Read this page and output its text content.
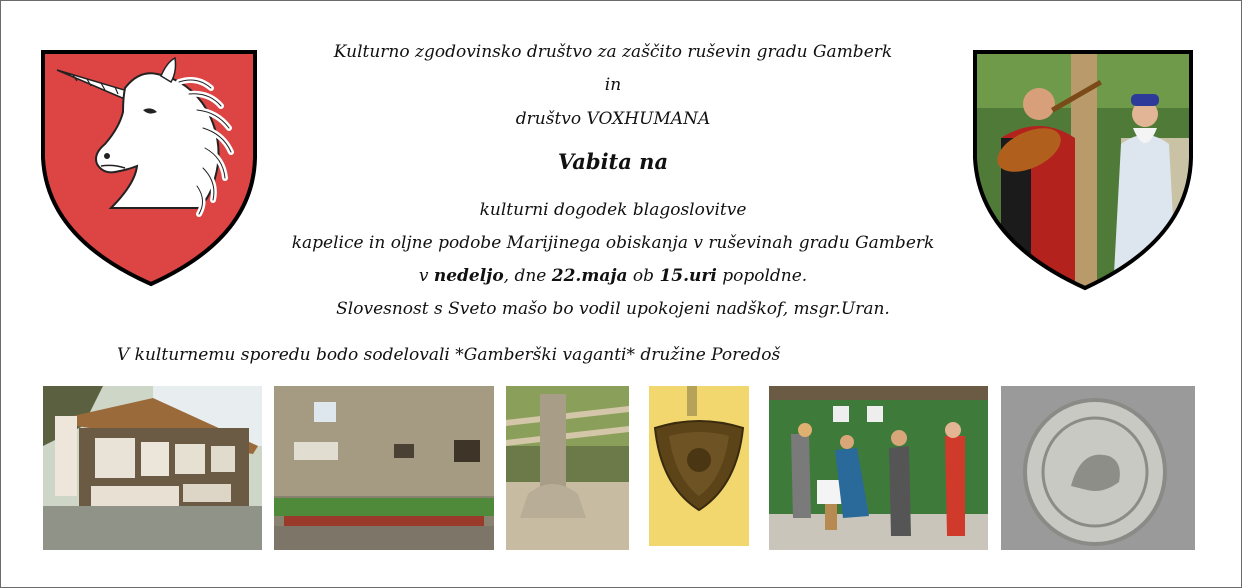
Kulturno zgodovinsko društvo za zaščito ruševin gradu Gamberk
in
društvo VOXHUMANA
Vabita na
kulturni dogodek blagoslovitve
kapelice in oljne podobe Marijinega obiskanja v ruševinah gradu Gamberk
v nedeljo, dne 22.maja ob 15.uri popoldne.
Slovesnost s Sveto mašo bo vodil upokojeni nadškof, msgr.Uran.
V kulturnemu sporedu bodo sodelovali *Gamberški vaganti* družine Poredoš
